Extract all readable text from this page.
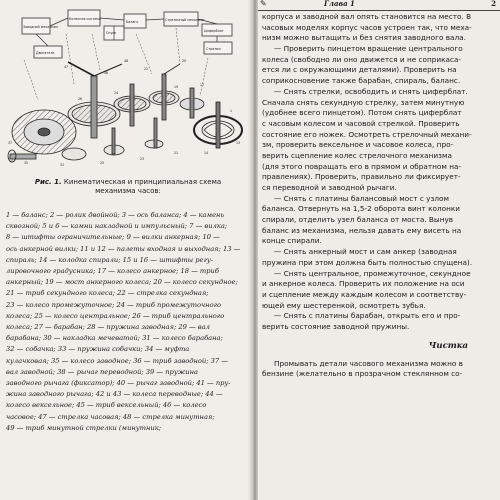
Заводной механизм
Колесная система
Спуск
Баланс	Стрелочный механизм
Циферблат
Стрелки
Двигатель
47
48
46
22
20
17
1
13
37
35	31	25
23
21
26
24
19
14
Рис. 1. Кинематическая и принципиальная схема
механизма часов:
1 — баланс; 2 — ролик двойной; 3 — ось баланса; 4 — камень
сквозной; 5 и 6 — камни накладной и импульсный; 7 — вилка;
8 — штифты ограничительные; 9 — вилки анкерная; 10 —
ось анкерной вилки; 11 и 12 — палеты входная и выходная; 13 —
спираль; 14 — колодка спирали; 15 и 16 — штифты регу-
лировочного градусника; 17 — колесо анкерное; 18 — триб
анкерный; 19 — мост анкерного колеса; 20 — колесо секундное;
21 — триб секундного колеса; 22 — стрелка секундная;
23 — колесо промежуточное; 24 — триб промежуточного
колеса; 25 — колесо центральное; 26 — триб центрального
колеса; 27 — барабан; 28 — пружина заводная; 29 — вал
барабана; 30 — накладка мечеватой; 31 — колесо барабана;
32 — собачка; 33 — пружина собачки; 34 — муфта
кулачковая; 35 — колесо заводное; 36 — триб заводной; 37 —
вал заводной; 38 — рычаг переводной; 39 — пружина
заводного рычага (фиксатор); 40 — рычаг заводной; 41 — пру-
жина заводного рычага; 42 и 43 — колеса переводные; 44 —
колесо вексельное; 45 — триб вексельный; 46 — колесо
часовое; 47 — стрелка часовая; 48 — стрелка минутная;
49 — триб минутной стрелки (минутник;
✎	Глава 1	2
корпуса и заводной вал опять становится на место. В
часовых моделях корпус часов устроен так, что меха-
низм можно вытащить и без снятия заводного вала.
— Проверить пинцетом вращение центрального
колеса (свободно ли оно движется и не соприкаса-
ется ли с окружающими деталями). Проверить на
соприкосновение также барабан, спираль, баланс.
— Снять стрелки, освободить и снять циферблат.
Сначала снять секундную стрелку, затем минутную
(удобнее всего пинцетом). Потом снять циферблат
с часовым колесом и часовой стрелкой. Проверить
состояние его ножек. Осмотреть стрелочный механи-
зм, проверить вексельное и часовое колеса, про-
верить сцепление колес стрелочного механизма
(для этого повращать его в прямом и обратном на-
правлениях). Проверить, правильно ли фиксирует-
ся переводной и заводной рычаги.
— Снять с платины балансовый мост с узлом
баланса. Отвернуть на 1,5-2 оборота винт колонки
спирали, отделить узел баланса от моста. Вынув
баланс из механизма, нельзя давать ему висеть на
конце спирали.
— Снять анкерный мост и сам анкер (заводная
пружина при этом должна быть полностью спущена).
— Снять центральное, промежуточное, секундное
и анкерное колеса. Проверить их положение на оси
и сцепление между каждым колесом и соответству-
ющей ему шестеренкой, осмотреть зубья.
— Снять с платины барабан, открыть его и про-
верить состояние заводной пружины.
Чистка
Промывать детали часового механизма можно в
бензине (желательно в прозрачном стеклянном со-
